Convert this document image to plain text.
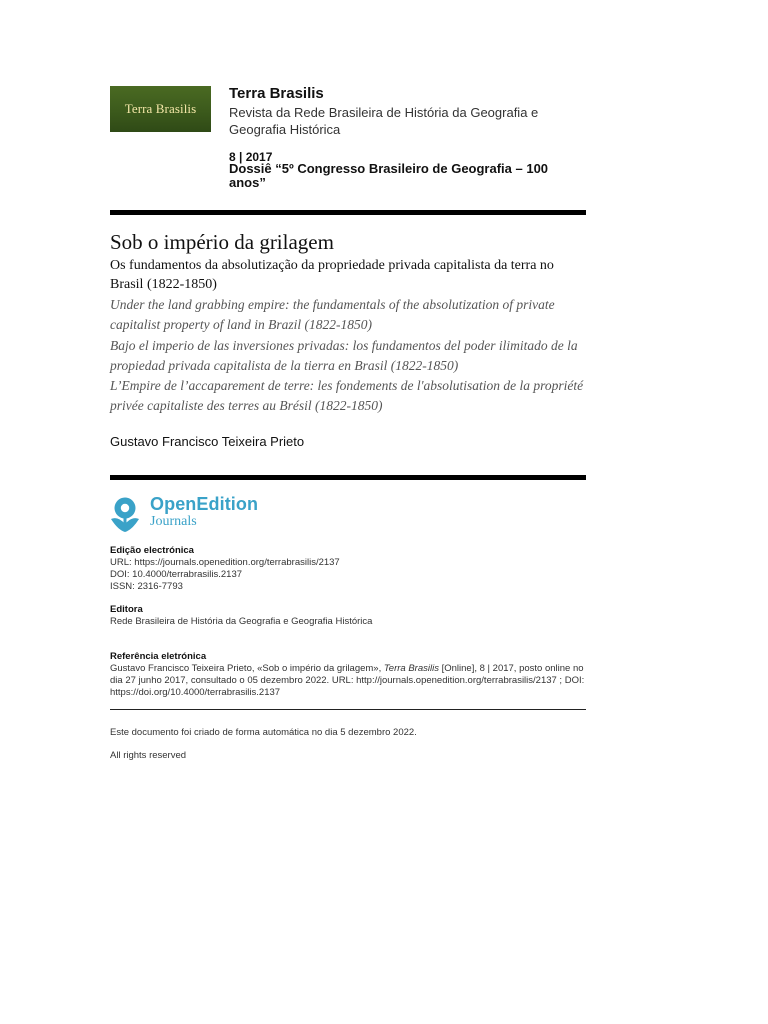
Terra Brasilis
Terra Brasilis
Revista da Rede Brasileira de História da Geografia e Geografia Histórica
8 | 2017
Dossiê “5º Congresso Brasileiro de Geografia – 100 anos”
Sob o império da grilagem
Os fundamentos da absolutização da propriedade privada capitalista da terra no Brasil (1822-1850)
Under the land grabbing empire: the fundamentals of the absolutization of private capitalist property of land in Brazil (1822-1850)
Bajo el imperio de las inversiones privadas: los fundamentos del poder ilimitado de la propiedad privada capitalista de la tierra en Brasil (1822-1850)
L’Empire de l’accaparement de terre: les fondements de l'absolutisation de la propriété privée capitaliste des terres au Brésil (1822-1850)
Gustavo Francisco Teixeira Prieto
OpenEdition
Journals
Edição electrónica
URL: https://journals.openedition.org/terrabrasilis/2137
DOI: 10.4000/terrabrasilis.2137
ISSN: 2316-7793
Editora
Rede Brasileira de História da Geografia e Geografia Histórica
Referência eletrónica
Gustavo Francisco Teixeira Prieto, «Sob o império da grilagem», Terra Brasilis [Online], 8 | 2017, posto online no dia 27 junho 2017, consultado o 05 dezembro 2022. URL: http://journals.openedition.org/terrabrasilis/2137 ; DOI: https://doi.org/10.4000/terrabrasilis.2137
Este documento foi criado de forma automática no dia 5 dezembro 2022.
All rights reserved
